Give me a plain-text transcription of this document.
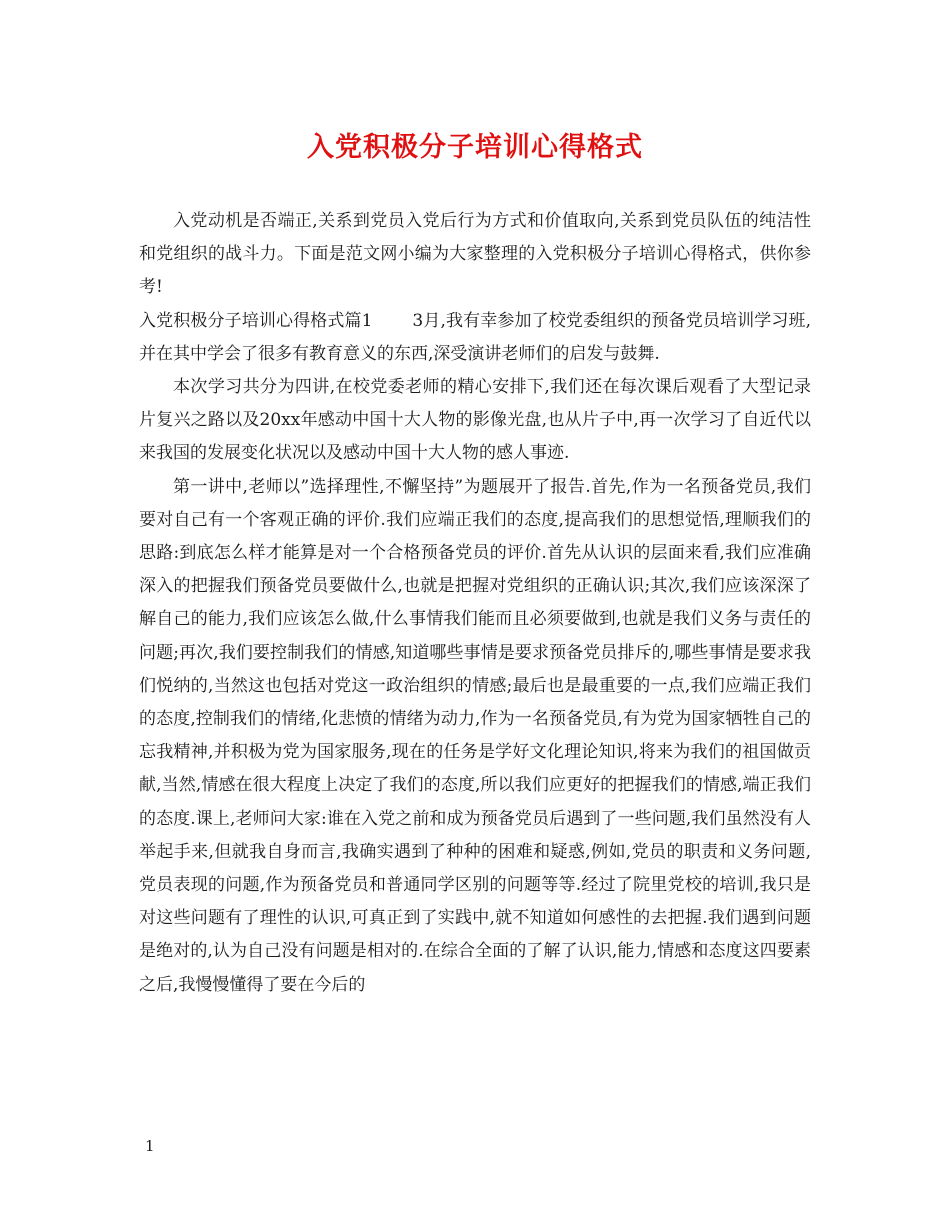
入党积极分子培训心得格式

入党动机是否端正,关系到党员入党后行为方式和价值取向,关系到党员队伍的纯洁性和党组织的战斗力。下面是范文网小编为大家整理的入党积极分子培训心得格式，供你参考!

入党积极分子培训心得格式篇1 3月,我有幸参加了校党委组织的预备党员培训学习班,并在其中学会了很多有教育意义的东西,深受演讲老师们的启发与鼓舞.

本次学习共分为四讲,在校党委老师的精心安排下,我们还在每次课后观看了大型记录片复兴之路以及20xx年感动中国十大人物的影像光盘,也从片子中,再一次学习了自近代以来我国的发展变化状况以及感动中国十大人物的感人事迹.

第一讲中,老师以”选择理性,不懈坚持”为题展开了报告.首先,作为一名预备党员,我们要对自己有一个客观正确的评价.我们应端正我们的态度,提高我们的思想觉悟,理顺我们的思路:到底怎么样才能算是对一个合格预备党员的评价.首先从认识的层面来看,我们应准确深入的把握我们预备党员要做什么,也就是把握对党组织的正确认识;其次,我们应该深深了解自己的能力,我们应该怎么做,什么事情我们能而且必须要做到,也就是我们义务与责任的问题;再次,我们要控制我们的情感,知道哪些事情是要求预备党员排斥的,哪些事情是要求我们悦纳的,当然这也包括对党这一政治组织的情感;最后也是最重要的一点,我们应端正我们的态度,控制我们的情绪,化悲愤的情绪为动力,作为一名预备党员,有为党为国家牺牲自己的忘我精神,并积极为党为国家服务,现在的任务是学好文化理论知识,将来为我们的祖国做贡献,当然,情感在很大程度上决定了我们的态度,所以我们应更好的把握我们的情感,端正我们的态度.课上,老师问大家:谁在入党之前和成为预备党员后遇到了一些问题,我们虽然没有人举起手来,但就我自身而言,我确实遇到了种种的困难和疑惑,例如,党员的职责和义务问题,党员表现的问题,作为预备党员和普通同学区别的问题等等.经过了院里党校的培训,我只是对这些问题有了理性的认识,可真正到了实践中,就不知道如何感性的去把握.我们遇到问题是绝对的,认为自己没有问题是相对的.在综合全面的了解了认识,能力,情感和态度这四要素之后,我慢慢懂得了要在今后的

1
